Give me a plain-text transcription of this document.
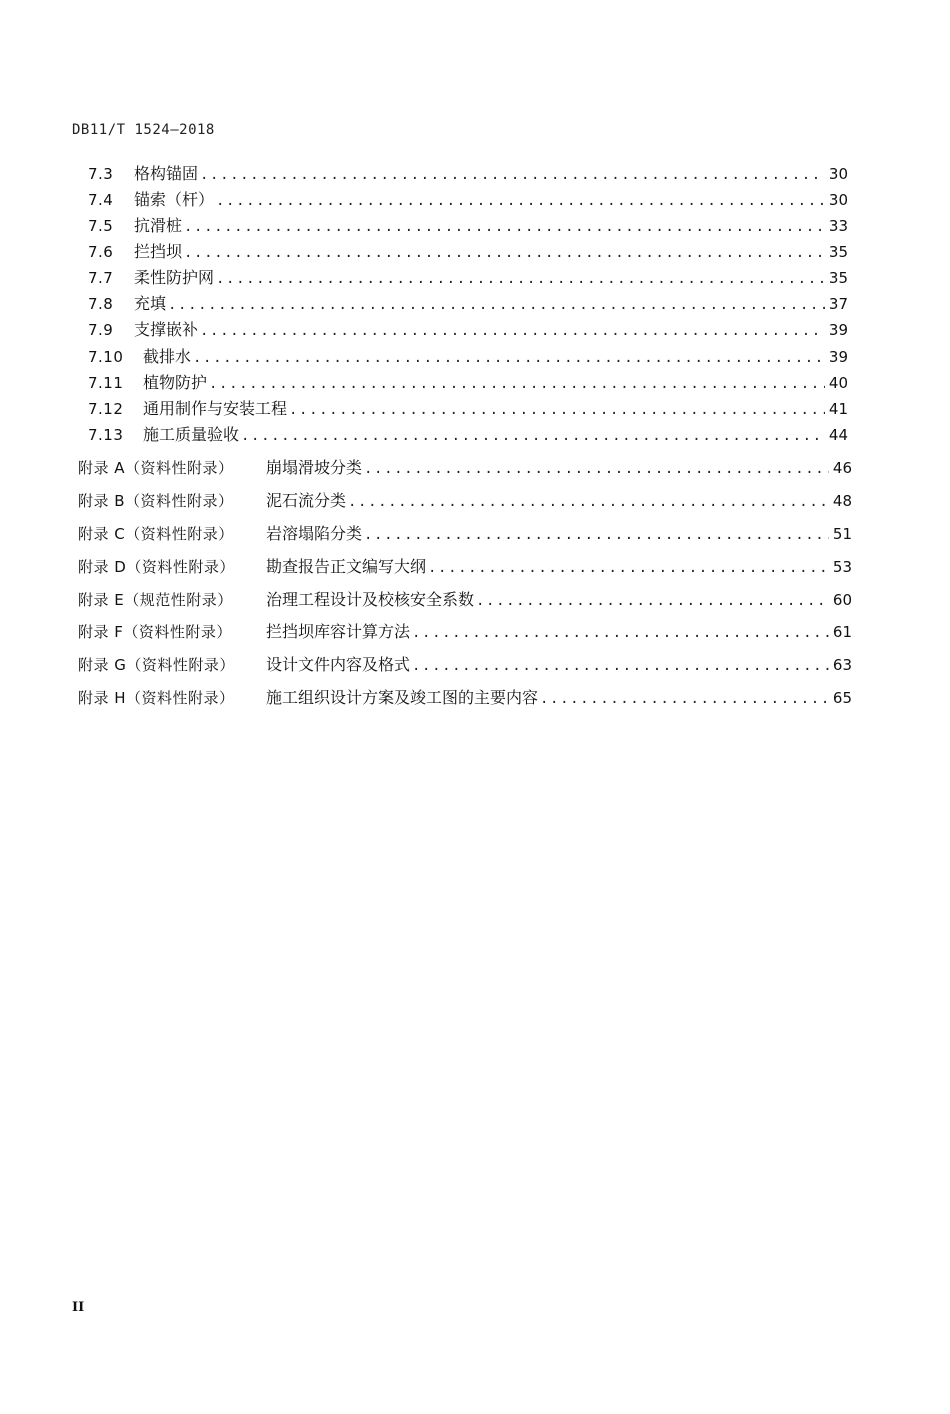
DB11/T 1524—2018
7.3	格构锚固 .....	30
7.4	锚索（杆） .....	30
7.5	抗滑桩 .....	33
7.6	拦挡坝 .....	35
7.7	柔性防护网 .....	35
7.8	充填 .....	37
7.9	支撑嵌补 .....	39
7.10	截排水 .....	39
7.11	植物防护 .....	40
7.12	通用制作与安装工程 .....	41
7.13	施工质量验收 .....	44
附录 A（资料性附录）	崩塌滑坡分类 .....	46
附录 B（资料性附录）	泥石流分类 .....	48
附录 C（资料性附录）	岩溶塌陷分类 .....	51
附录 D（资料性附录）	勘查报告正文编写大纲 .....	53
附录 E（规范性附录）	治理工程设计及校核安全系数 .....	60
附录 F（资料性附录）	拦挡坝库容计算方法 .....	61
附录 G（资料性附录）	设计文件内容及格式 .....	63
附录 H（资料性附录）	施工组织设计方案及竣工图的主要内容 .....	65
II
